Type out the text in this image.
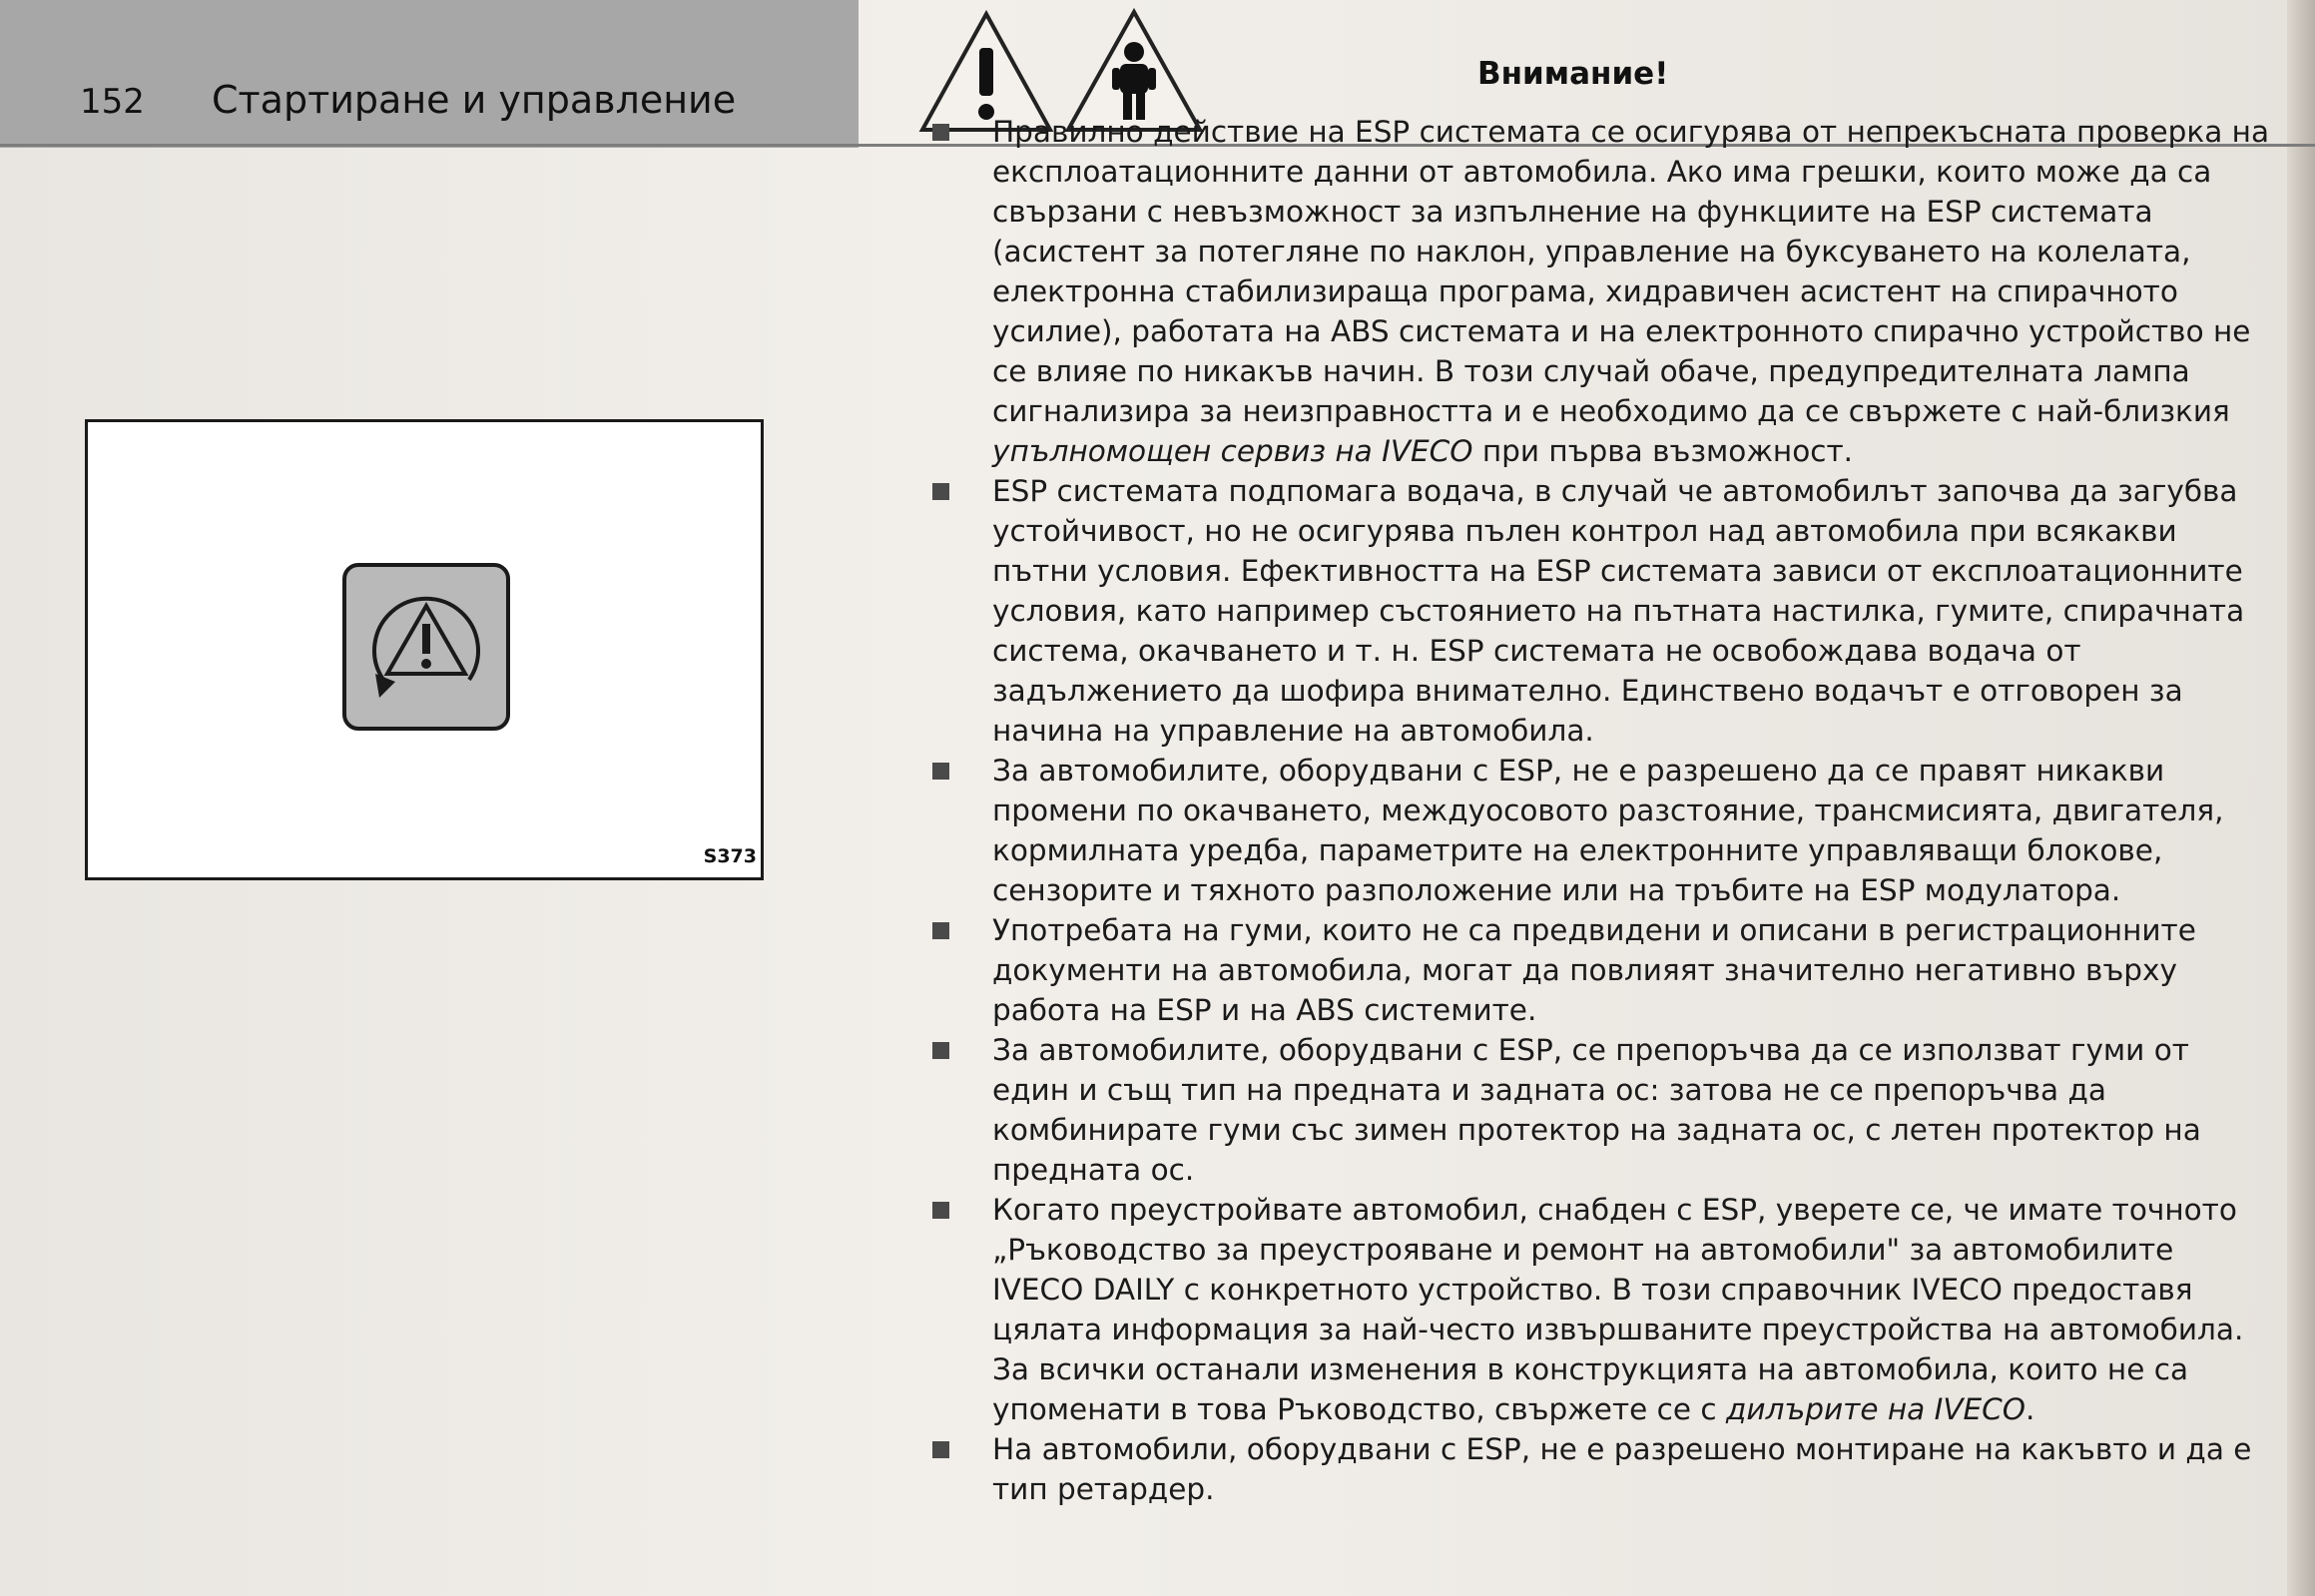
152 Стартиране и управление
Внимание!
S373
Правилно действие на ESP системата се осигурява от непрекъсната проверка на експлоатационните данни от автомобила. Ако има грешки, които може да са свързани с невъзможност за изпълнение на функциите на ESP системата (асистент за потегляне по наклон, управление на буксуването на колелата, електронна стабилизираща програма, хидравичен асистент на спирачното усилие), работата на ABS системата и на електронното спирачно устройство не се влияе по никакъв начин. В този случай обаче, предупредителната лампа сигнализира за неизправността и е необходимо да се свържете с най-близкия упълномощен сервиз на IVECO при първа възможност.
ESP системата подпомага водача, в случай че автомобилът започва да загубва устойчивост, но не осигурява пълен контрол над автомобила при всякакви пътни условия. Ефективността на ESP системата зависи от експлоатационните условия, като например състоянието на пътната настилка, гумите, спирачната система, окачването и т. н. ESP системата не освобождава водача от задължението да шофира внимателно. Единствено водачът е отговорен за начина на управление на автомобила.
За автомобилите, оборудвани с ESP, не е разрешено да се правят никакви промени по окачването, междуосовото разстояние, трансмисията, двигателя, кормилната уредба, параметрите на електронните управляващи блокове, сензорите и тяхното разположение или на тръбите на ESP модулатора.
Употребата на гуми, които не са предвидени и описани в регистрационните документи на автомобила, могат да повлияят значително негативно върху работа на ESP и на ABS системите.
За автомобилите, оборудвани с ESP, се препоръчва да се използват гуми от един и същ тип на предната и задната ос: затова не се препоръчва да комбинирате гуми със зимен протектор на задната ос, с летен протектор на предната ос.
Когато преустройвате автомобил, снабден с ESP, уверете се, че имате точното „Ръководство за преустрояване и ремонт на автомобили" за автомобилите IVECO DAILY с конкретното устройство. В този справочник IVECO предоставя цялата информация за най-често извършваните преустройства на автомобила. За всички останали изменения в конструкцията на автомобила, които не са упоменати в това Ръководство, свържете се с дилърите на IVECO.
На автомобили, оборудвани с ESP, не е разрешено монтиране на какъвто и да е тип ретардер.
